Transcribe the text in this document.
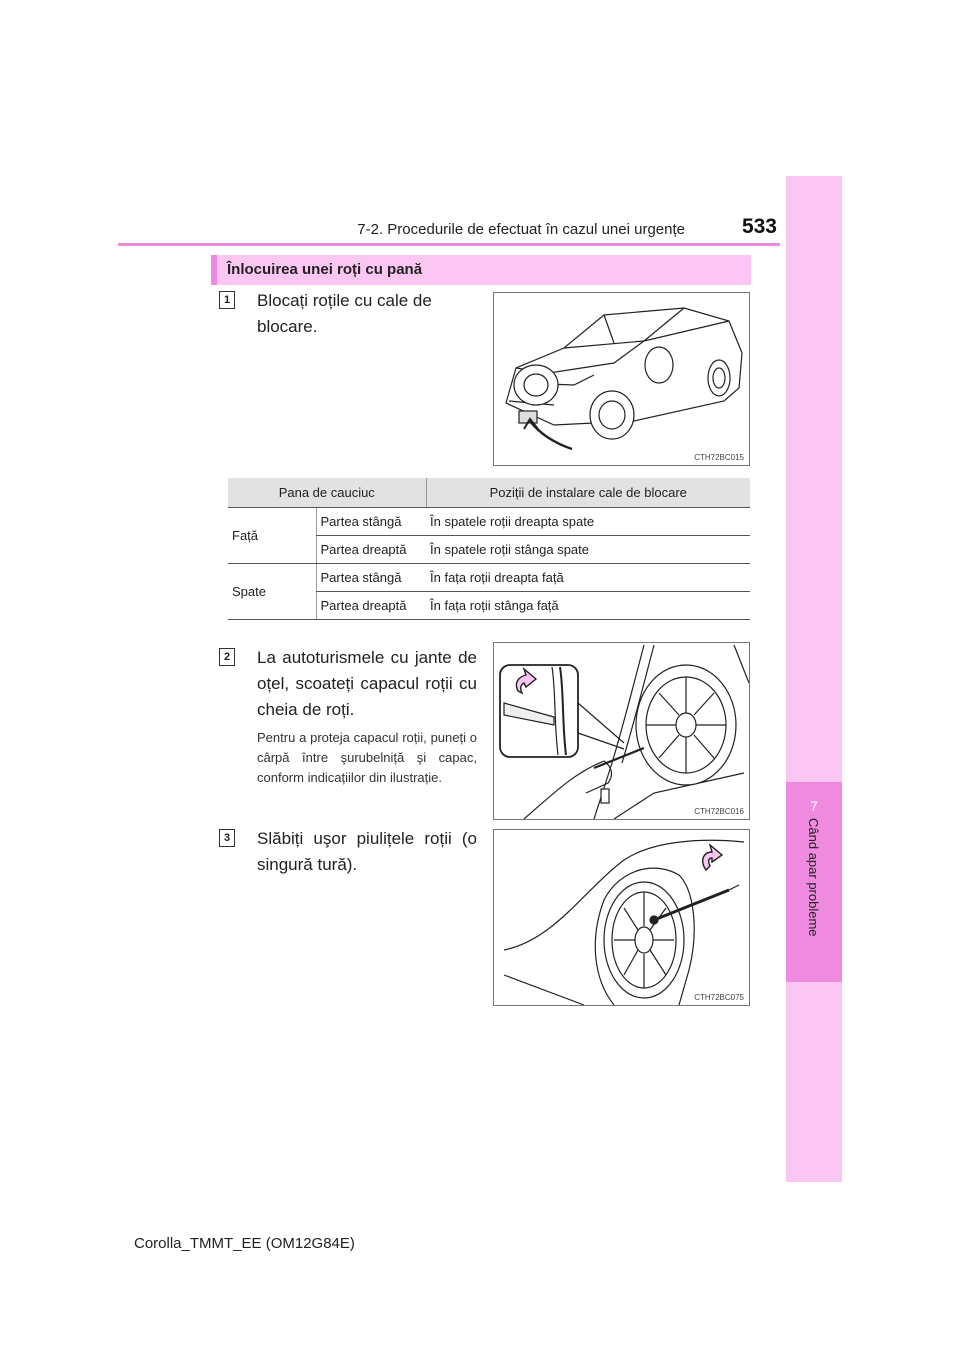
7-2. Procedurile de efectuat în cazul unei urgențe	533
7
Când apar probleme
Înlocuirea unei roți cu pană
1 Blocați roțile cu cale de blocare.
CTH72BC015
Pana de cauciuc		Poziții de instalare cale de blocare
Față	Partea stângă	În spatele roții dreapta spate
	Partea dreaptă	În spatele roții stânga spate
Spate	Partea stângă	În fața roții dreapta față
	Partea dreaptă	În fața roții stânga față
2 La autoturismele cu jante de oțel, scoateți capacul roții cu cheia de roți.
Pentru a proteja capacul roții, puneți o cârpă între şurubelniță şi capac, conform indicațiilor din ilustrație.
CTH72BC016
3 Slăbiți uşor piulițele roții (o singură tură).
CTH72BC075
Corolla_TMMT_EE (OM12G84E)
